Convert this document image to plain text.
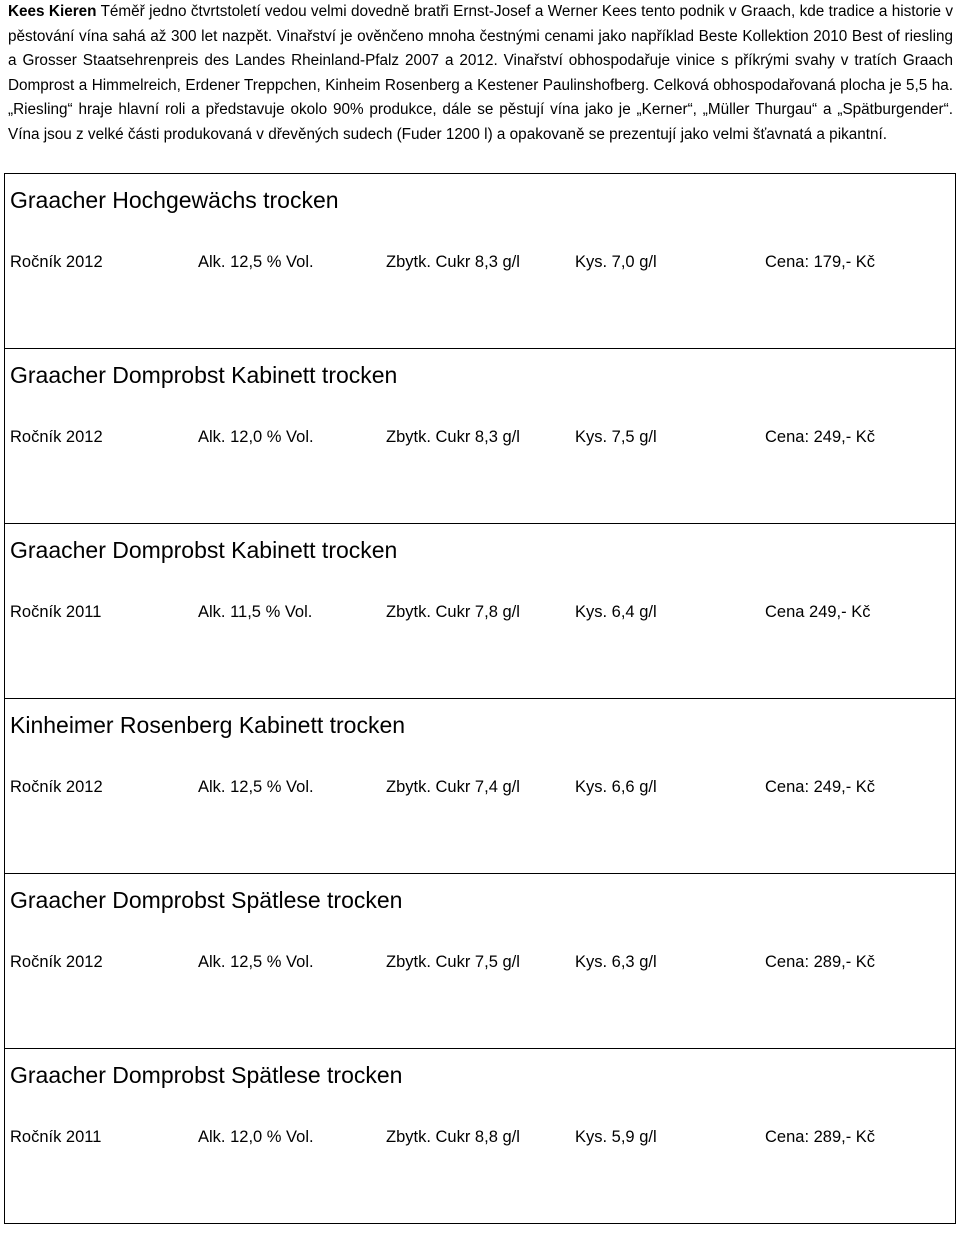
Kees Kieren Téměř jedno čtvrtstoletí vedou velmi dovedně bratři Ernst-Josef a Werner Kees tento podnik v Graach, kde tradice a historie v pěstování vína sahá až 300 let nazpět. Vinařství je ověnčeno mnoha čestnými cenami jako například Beste Kollektion 2010 Best of riesling a Grosser Staatsehrenpreis des Landes Rheinland-Pfalz 2007 a 2012. Vinařství obhospodařuje vinice s příkrými svahy v tratích Graach Domprost a Himmelreich, Erdener Treppchen, Kinheim Rosenberg a Kestener Paulinshofberg. Celková obhospodařovaná plocha je 5,5 ha. „Riesling“ hraje hlavní roli a představuje okolo 90% produkce, dále se pěstují vína jako je „Kerner“, „Müller Thurgau“ a „Spätburgender“. Vína jsou z velké části produkovaná v dřevěných sudech (Fuder 1200 l) a opakovaně se prezentují jako velmi šťavnatá a pikantní.

Graacher Hochgewächs trocken
Ročník 2012	Alk. 12,5 % Vol.	Zbytk. Cukr 8,3 g/l	Kys. 7,0 g/l	Cena: 179,- Kč

Graacher Domprobst Kabinett trocken
Ročník 2012	Alk. 12,0 % Vol.	Zbytk. Cukr 8,3 g/l	Kys. 7,5 g/l	Cena: 249,- Kč

Graacher Domprobst Kabinett trocken
Ročník 2011	Alk. 11,5 % Vol.	Zbytk. Cukr 7,8 g/l	Kys. 6,4 g/l	Cena 249,- Kč

Kinheimer Rosenberg Kabinett trocken
Ročník 2012	Alk. 12,5 % Vol.	Zbytk. Cukr 7,4 g/l	Kys. 6,6 g/l	Cena: 249,- Kč

Graacher Domprobst Spätlese trocken
Ročník 2012	Alk. 12,5 % Vol.	Zbytk. Cukr 7,5 g/l	Kys. 6,3 g/l	Cena: 289,- Kč

Graacher Domprobst Spätlese trocken
Ročník 2011	Alk. 12,0 % Vol.	Zbytk. Cukr 8,8 g/l	Kys. 5,9 g/l	Cena: 289,- Kč
